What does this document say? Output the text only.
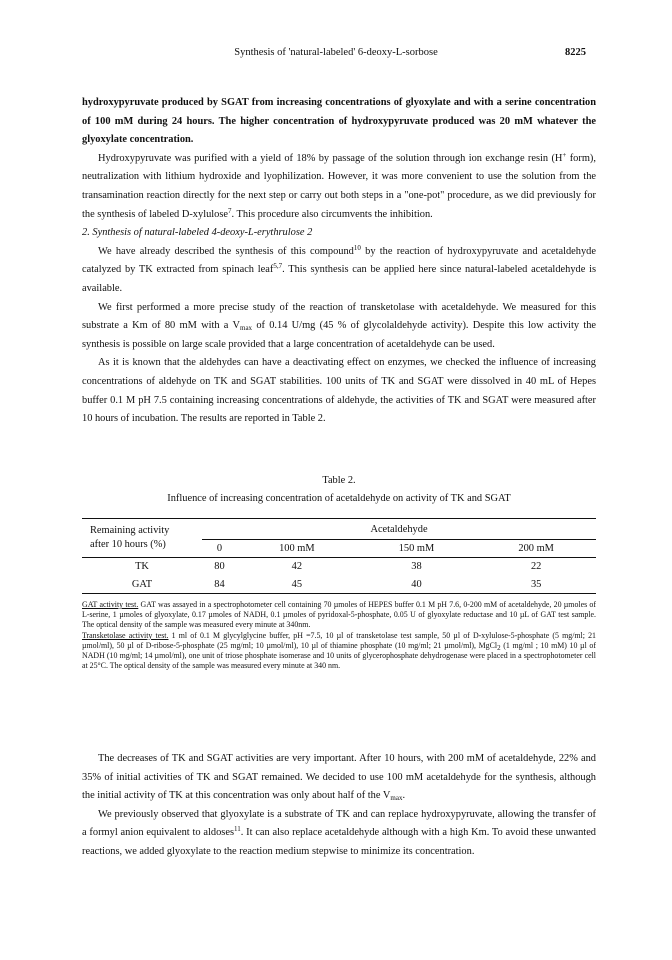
Synthesis of 'natural-labeled' 6-deoxy-L-sorbose	8225

hydroxypyruvate produced by SGAT from increasing concentrations of glyoxylate and with a serine concentration of 100 mM during 24 hours. The higher concentration of hydroxypyruvate produced was 20 mM whatever the glyoxylate concentration.

Hydroxypyruvate was purified with a yield of 18% by passage of the solution through ion exchange resin (H+ form), neutralization with lithium hydroxide and lyophilization. However, it was more convenient to use the solution from the transamination reaction directly for the next step or carry out both steps in a "one-pot" procedure, as we did previously for the synthesis of labeled D-xylulose$^7$. This procedure also circumvents the inhibition.

2. Synthesis of natural-labeled 4-deoxy-L-erythrulose 2

We have already described the synthesis of this compound$^{10}$ by the reaction of hydroxypyruvate and acetaldehyde catalyzed by TK extracted from spinach leaf$^{5,7}$. This synthesis can be applied here since natural-labeled acetaldehyde is available.

We first performed a more precise study of the reaction of transketolase with acetaldehyde. We measured for this substrate a Km of 80 mM with a $V_{max}$ of 0.14 U/mg (45 % of glycolaldehyde activity). Despite this low activity the synthesis is possible on large scale provided that a large concentration of acetaldehyde can be used.

As it is known that the aldehydes can have a deactivating effect on enzymes, we checked the influence of increasing concentrations of aldehyde on TK and SGAT stabilities. 100 units of TK and SGAT were dissolved in 40 mL of Hepes buffer 0.1 M pH 7.5 containing increasing concentrations of aldehyde, the activities of TK and SGAT were measured after 10 hours of incubation. The results are reported in Table 2.

Table 2.
Influence of increasing concentration of acetaldehyde on activity of TK and SGAT
Remaining activity
after 10 hours (%)	Acetaldehyde			
	0	100 mM	150 mM	200 mM
TK	80	42	38	22
GAT	84	45	40	35
GAT activity test. GAT was assayed in a spectrophotometer cell containing 70 µmoles of HEPES buffer 0.1 M pH 7.6, 0-200 mM of acetaldehyde, 20 µmoles of L-serine, 1 µmoles of glyoxylate, 0.17 µmoles of NADH, 0.1 µmoles of pyridoxal-5-phosphate, 0.05 U of glyoxylate reductase and 10 µL of GAT test sample. The optical density of the sample was measured every minute at 340nm.
Transketolase activity test. 1 ml of 0.1 M glycylglycine buffer, pH =7.5, 10 µl of transketolase test sample, 50 µl of D-xylulose-5-phosphate (5 mg/ml; 21 µmol/ml), 50 µl of D-ribose-5-phosphate (25 mg/ml; 10 µmol/ml), 10 µl of thiamine phosphate (10 mg/ml; 21 µmol/ml), MgCl$_2$ (1 mg/ml ; 10 mM) 10 µl of NADH (10 mg/ml; 14 µmol/ml), one unit of triose phosphate isomerase and 10 units of glycerophosphate dehydrogenase were placed in a spectrophotometer cell at 25°C. The optical density of the sample was measured every minute at 340 nm.

The decreases of TK and SGAT activities are very important. After 10 hours, with 200 mM of acetaldehyde, 22% and 35% of initial activities of TK and SGAT remained. We decided to use 100 mM acetaldehyde for the synthesis, although the initial activity of TK at this concentration was only about half of the $V_{max}$.

We previously observed that glyoxylate is a substrate of TK and can replace hydroxypyruvate, allowing the transfer of a formyl anion equivalent to aldoses$^{11}$. It can also replace acetaldehyde although with a high Km. To avoid these unwanted reactions, we added glyoxylate to the reaction medium stepwise to minimize its concentration.
